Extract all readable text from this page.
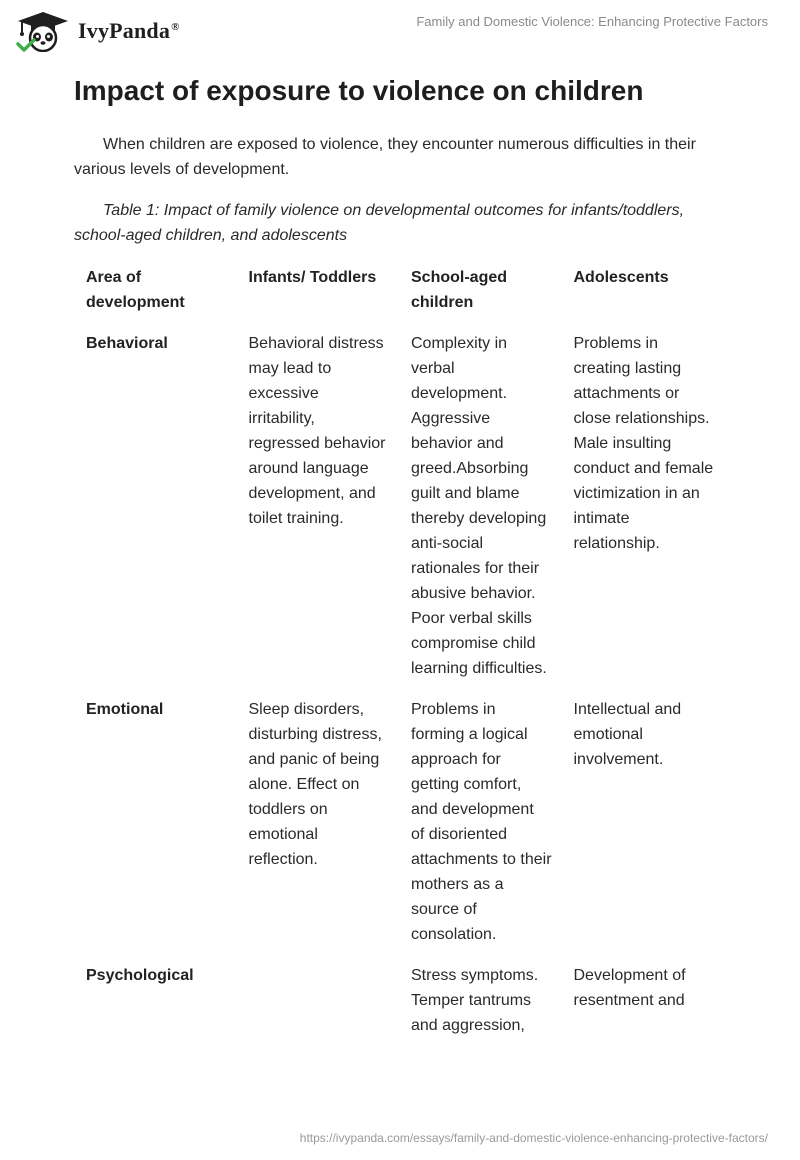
IvyPanda®	Family and Domestic Violence: Enhancing Protective Factors
Impact of exposure to violence on children

When children are exposed to violence, they encounter numerous difficulties in their various levels of development.

Table 1: Impact of family violence on developmental outcomes for infants/toddlers, school-aged children, and adolescents

Area of development	Infants/ Toddlers	School-aged children	Adolescents
Behavioral	Behavioral distress may lead to excessive irritability, regressed behavior around language development, and toilet training.	Complexity in verbal development. Aggressive behavior and greed.Absorbing guilt and blame thereby developing anti-social rationales for their abusive behavior. Poor verbal skills compromise child learning difficulties.	Problems in creating lasting attachments or close relationships. Male insulting conduct and female victimization in an intimate relationship.
Emotional	Sleep disorders, disturbing distress, and panic of being alone. Effect on toddlers on emotional reflection.	Problems in forming a logical approach for getting comfort, and development of disoriented attachments to their mothers as a source of consolation.	Intellectual and emotional involvement.
Psychological		Stress symptoms. Temper tantrums and aggression,	Development of resentment and
https://ivypanda.com/essays/family-and-domestic-violence-enhancing-protective-factors/
